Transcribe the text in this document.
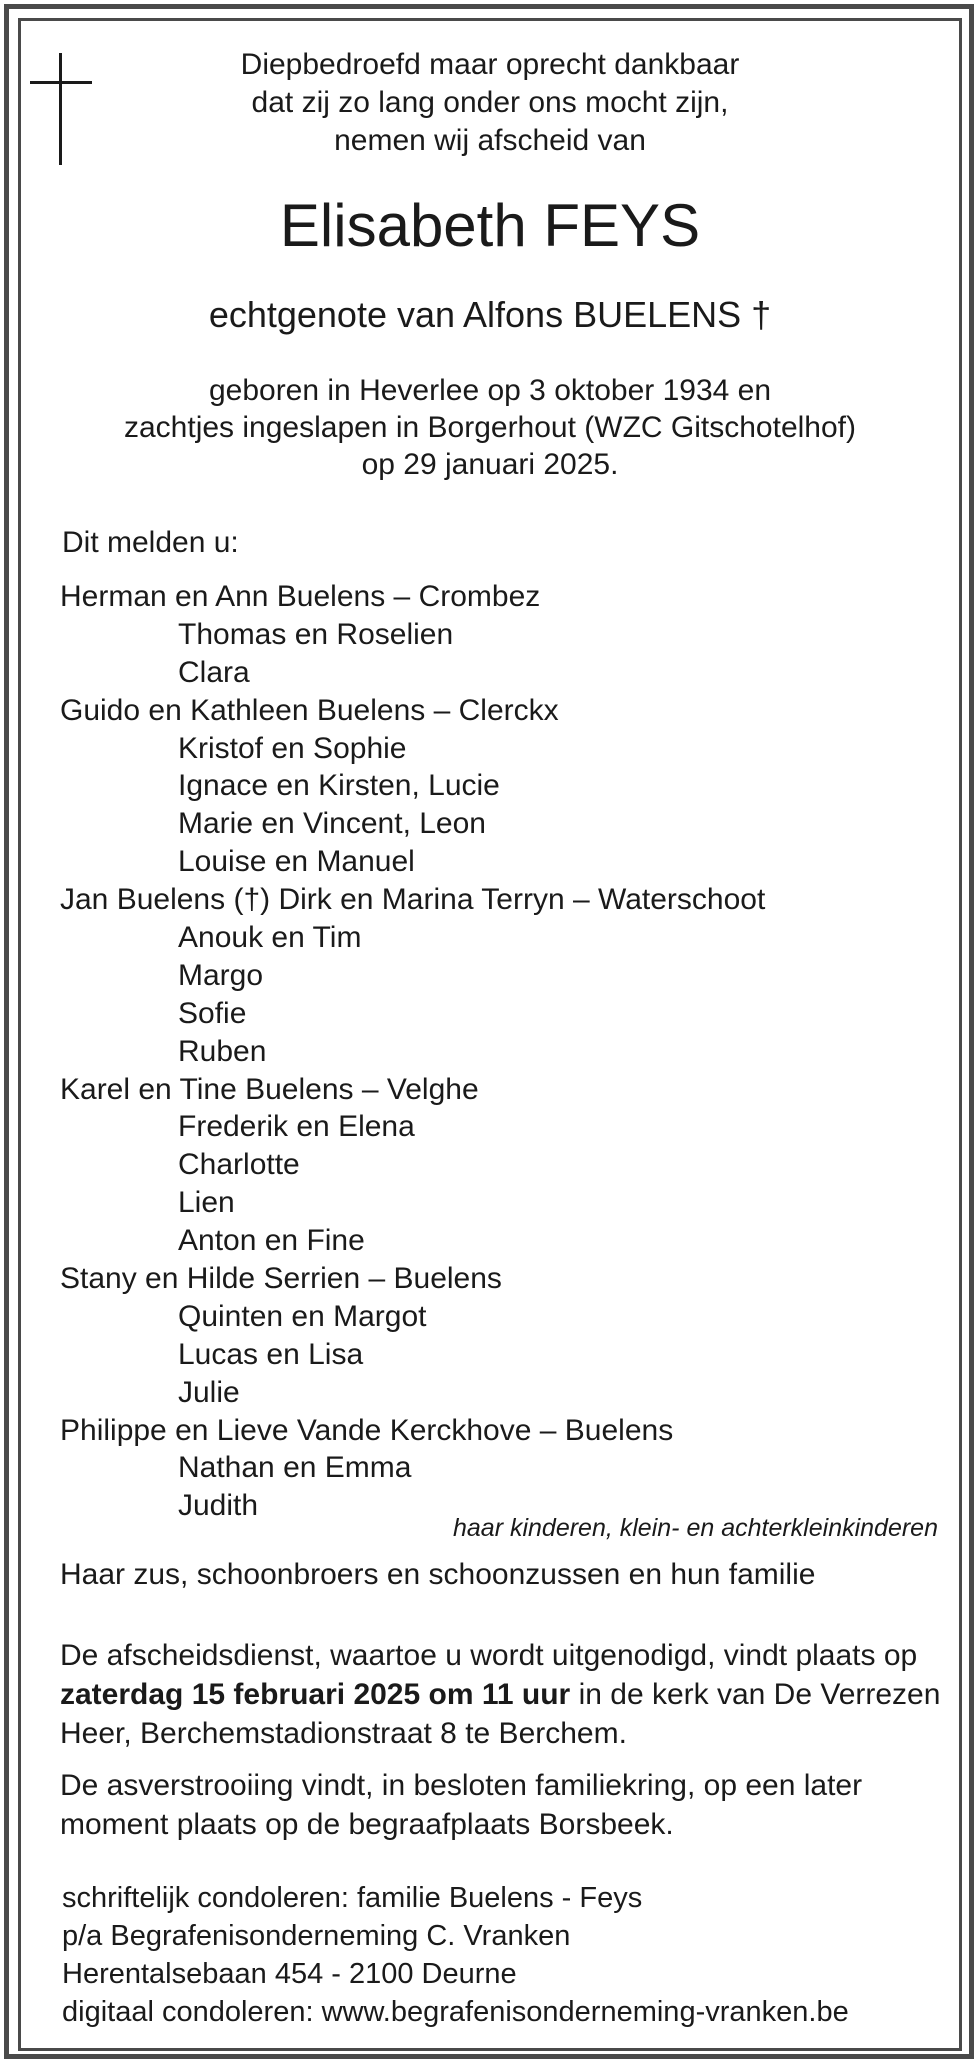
Diepbedroefd maar oprecht dankbaar
dat zij zo lang onder ons mocht zijn,
nemen wij afscheid van
Elisabeth FEYS
echtgenote van Alfons BUELENS †
geboren in Heverlee op 3 oktober 1934 en
zachtjes ingeslapen in Borgerhout (WZC Gitschotelhof)
op 29 januari 2025.
Dit melden u:
Herman en Ann Buelens – Crombez
Thomas en Roselien
Clara
Guido en Kathleen Buelens – Clerckx
Kristof en Sophie
Ignace en Kirsten, Lucie
Marie en Vincent, Leon
Louise en Manuel
Jan Buelens (†) Dirk en Marina Terryn – Waterschoot
Anouk en Tim
Margo
Sofie
Ruben
Karel en Tine Buelens – Velghe
Frederik en Elena
Charlotte
Lien
Anton en Fine
Stany en Hilde Serrien – Buelens
Quinten en Margot
Lucas en Lisa
Julie
Philippe en Lieve Vande Kerckhove – Buelens
Nathan en Emma
Judith
haar kinderen, klein- en achterkleinkinderen
Haar zus, schoonbroers en schoonzussen en hun familie
De afscheidsdienst, waartoe u wordt uitgenodigd, vindt plaats op zaterdag 15 februari 2025 om 11 uur in de kerk van De Verrezen Heer, Berchemstadionstraat 8 te Berchem.
De asverstrooiing vindt, in besloten familiekring, op een later moment plaats op de begraafplaats Borsbeek.
schriftelijk condoleren: familie Buelens - Feys
p/a Begrafenisonderneming C. Vranken
Herentalsebaan 454 - 2100 Deurne
digitaal condoleren: www.begrafenisonderneming-vranken.be
